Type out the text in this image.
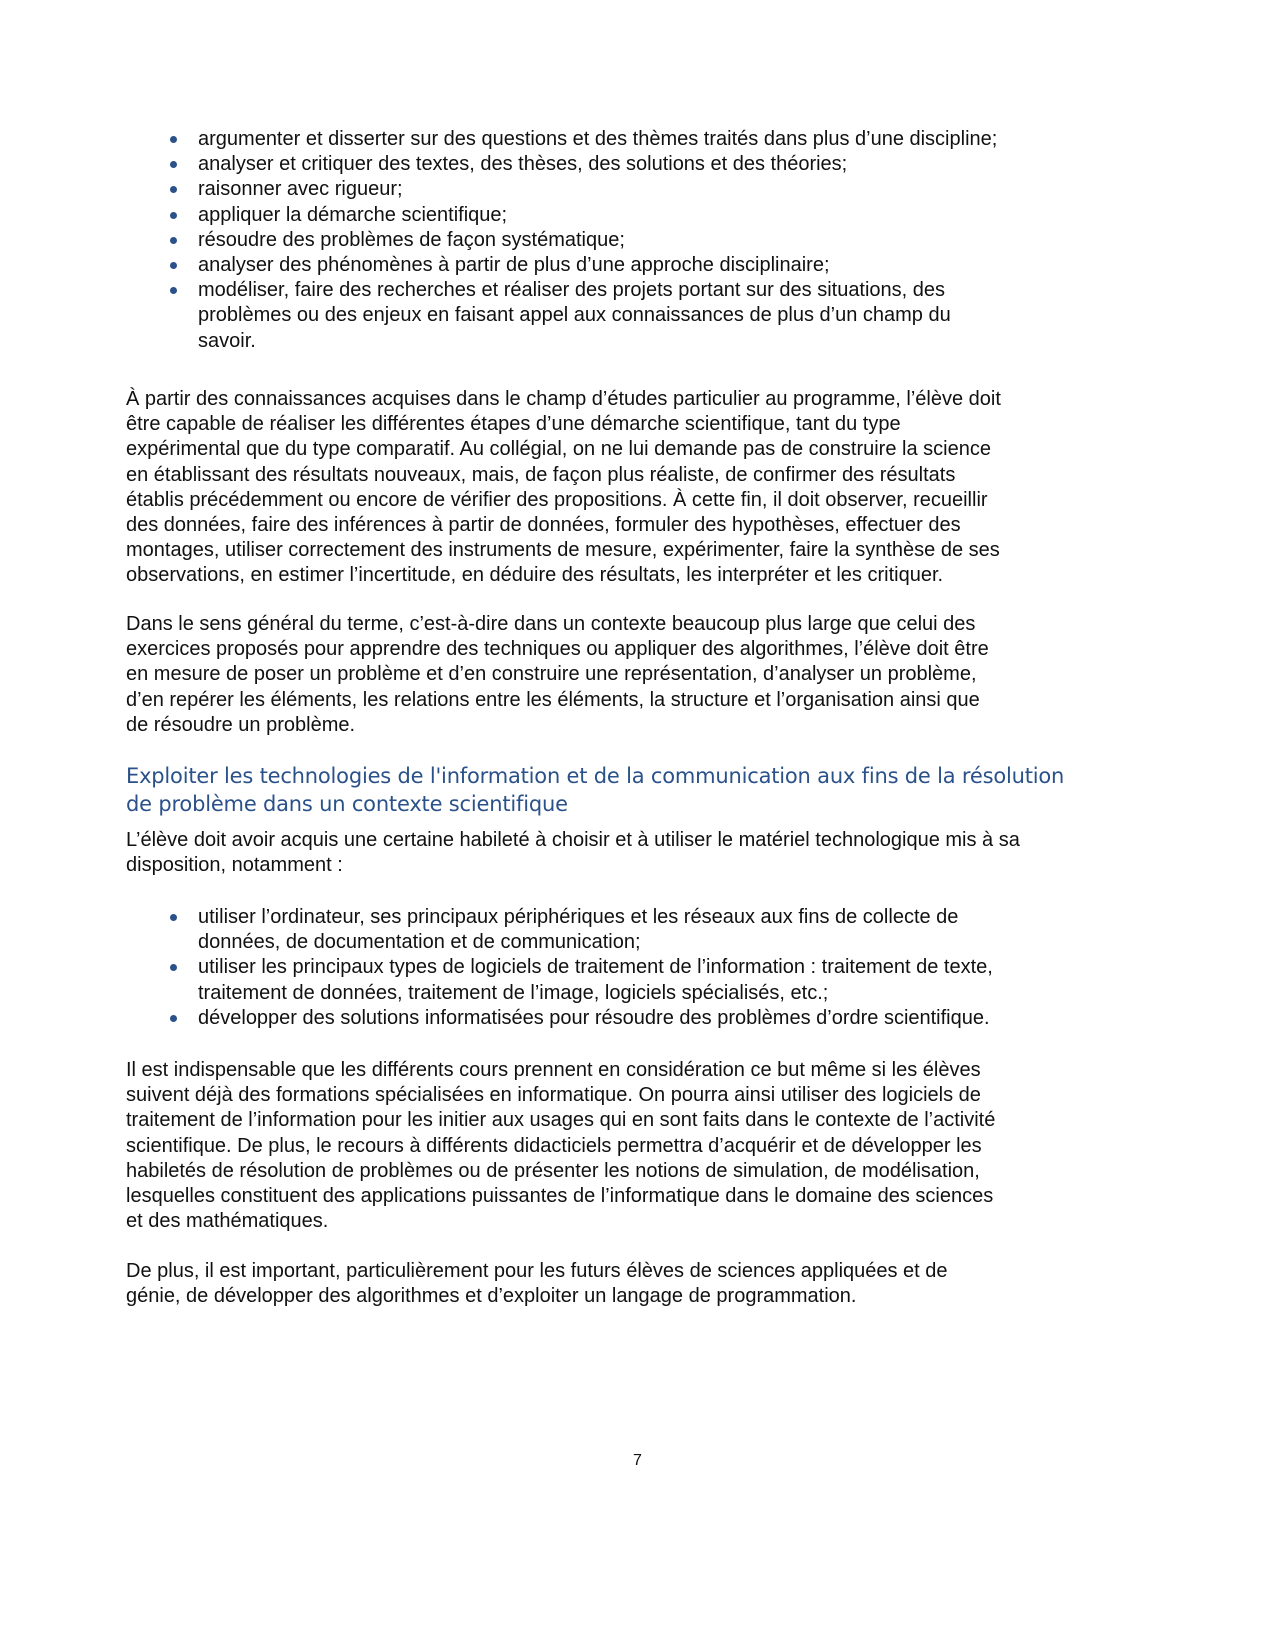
argumenter et disserter sur des questions et des thèmes traités dans plus d’une discipline;
analyser et critiquer des textes, des thèses, des solutions et des théories;
raisonner avec rigueur;
appliquer la démarche scientifique;
résoudre des problèmes de façon systématique;
analyser des phénomènes à partir de plus d’une approche disciplinaire;
modéliser, faire des recherches et réaliser des projets portant sur des situations, des
problèmes ou des enjeux en faisant appel aux connaissances de plus d’un champ du
savoir.
À partir des connaissances acquises dans le champ d’études particulier au programme, l’élève doit
être capable de réaliser les différentes étapes d’une démarche scientifique, tant du type
expérimental que du type comparatif. Au collégial, on ne lui demande pas de construire la science
en établissant des résultats nouveaux, mais, de façon plus réaliste, de confirmer des résultats
établis précédemment ou encore de vérifier des propositions. À cette fin, il doit observer, recueillir
des données, faire des inférences à partir de données, formuler des hypothèses, effectuer des
montages, utiliser correctement des instruments de mesure, expérimenter, faire la synthèse de ses
observations, en estimer l’incertitude, en déduire des résultats, les interpréter et les critiquer.
Dans le sens général du terme, c’est-à-dire dans un contexte beaucoup plus large que celui des
exercices proposés pour apprendre des techniques ou appliquer des algorithmes, l’élève doit être
en mesure de poser un problème et d’en construire une représentation, d’analyser un problème,
d’en repérer les éléments, les relations entre les éléments, la structure et l’organisation ainsi que
de résoudre un problème.
Exploiter les technologies de l'information et de la communication aux fins de la résolution
de problème dans un contexte scientifique
L’élève doit avoir acquis une certaine habileté à choisir et à utiliser le matériel technologique mis à sa
disposition, notamment :
utiliser l’ordinateur, ses principaux périphériques et les réseaux aux fins de collecte de
données, de documentation et de communication;
utiliser les principaux types de logiciels de traitement de l’information : traitement de texte,
traitement de données, traitement de l’image, logiciels spécialisés, etc.;
développer des solutions informatisées pour résoudre des problèmes d’ordre scientifique.
Il est indispensable que les différents cours prennent en considération ce but même si les élèves
suivent déjà des formations spécialisées en informatique. On pourra ainsi utiliser des logiciels de
traitement de l’information pour les initier aux usages qui en sont faits dans le contexte de l’activité
scientifique. De plus, le recours à différents didacticiels permettra d’acquérir et de développer les
habiletés de résolution de problèmes ou de présenter les notions de simulation, de modélisation,
lesquelles constituent des applications puissantes de l’informatique dans le domaine des sciences
et des mathématiques.
De plus, il est important, particulièrement pour les futurs élèves de sciences appliquées et de
génie, de développer des algorithmes et d’exploiter un langage de programmation.
7
